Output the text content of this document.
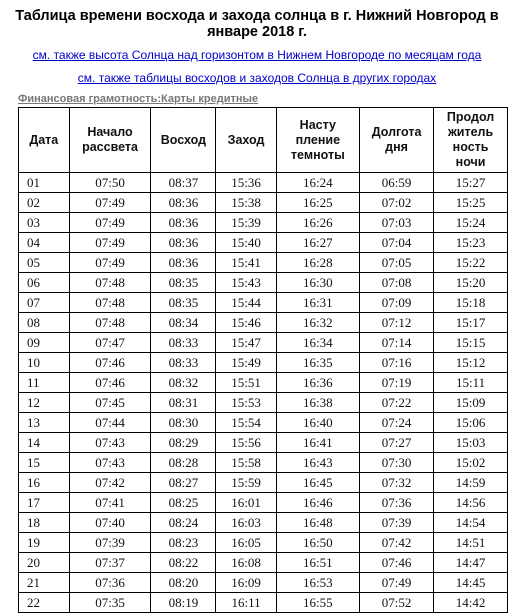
Таблица времени восхода и захода солнца в г. Нижний Новгород в январе 2018 г.
см. также высота Солнца над горизонтом в Нижнем Новгороде по месяцам года
см. также таблицы восходов и заходов Солнца в других городах
Финансовая грамотность:Карты кредитные
Дата	Начало рассвета	Восход	Заход	Насту пление темноты	Долгота дня	Продол житель ность ночи
01	07:50	08:37	15:36	16:24	06:59	15:27
02	07:49	08:36	15:38	16:25	07:02	15:25
03	07:49	08:36	15:39	16:26	07:03	15:24
04	07:49	08:36	15:40	16:27	07:04	15:23
05	07:49	08:36	15:41	16:28	07:05	15:22
06	07:48	08:35	15:43	16:30	07:08	15:20
07	07:48	08:35	15:44	16:31	07:09	15:18
08	07:48	08:34	15:46	16:32	07:12	15:17
09	07:47	08:33	15:47	16:34	07:14	15:15
10	07:46	08:33	15:49	16:35	07:16	15:12
11	07:46	08:32	15:51	16:36	07:19	15:11
12	07:45	08:31	15:53	16:38	07:22	15:09
13	07:44	08:30	15:54	16:40	07:24	15:06
14	07:43	08:29	15:56	16:41	07:27	15:03
15	07:43	08:28	15:58	16:43	07:30	15:02
16	07:42	08:27	15:59	16:45	07:32	14:59
17	07:41	08:25	16:01	16:46	07:36	14:56
18	07:40	08:24	16:03	16:48	07:39	14:54
19	07:39	08:23	16:05	16:50	07:42	14:51
20	07:37	08:22	16:08	16:51	07:46	14:47
21	07:36	08:20	16:09	16:53	07:49	14:45
22	07:35	08:19	16:11	16:55	07:52	14:42
